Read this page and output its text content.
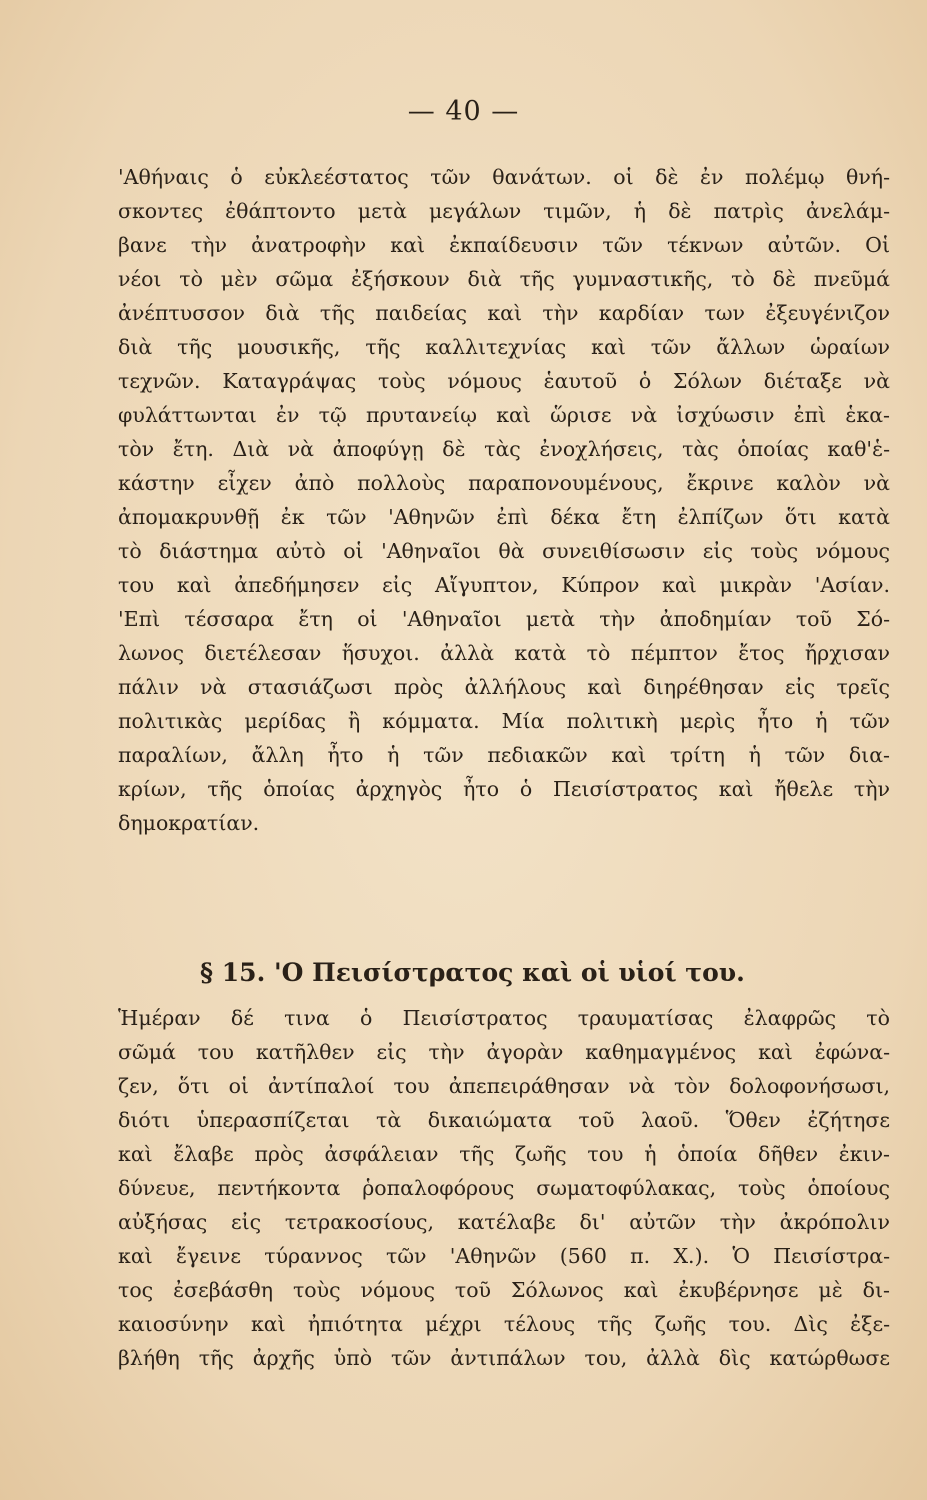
— 40 —
'Αθήναις ὁ εὐκλεέστατος τῶν θανάτων. οἱ δὲ ἐν πολέμῳ θνή-
σκοντες ἐθάπτοντο μετὰ μεγάλων τιμῶν, ἡ δὲ πατρὶς ἀνελάμ-
βανε τὴν ἀνατροφὴν καὶ ἐκπαίδευσιν τῶν τέκνων αὐτῶν. Οἱ
νέοι τὸ μὲν σῶμα ἐξήσκουν διὰ τῆς γυμναστικῆς, τὸ δὲ πνεῦμά
ἀνέπτυσσον διὰ τῆς παιδείας καὶ τὴν καρδίαν των ἐξευγένιζον
διὰ τῆς μουσικῆς, τῆς καλλιτεχνίας καὶ τῶν ἄλλων ὡραίων
τεχνῶν. Καταγράψας τοὺς νόμους ἑαυτοῦ ὁ Σόλων διέταξε νὰ
φυλάττωνται ἐν τῷ πρυτανείῳ καὶ ὥρισε νὰ ἰσχύωσιν ἐπὶ ἑκα-
τὸν ἔτη. Διὰ νὰ ἀποφύγῃ δὲ τὰς ἐνοχλήσεις, τὰς ὁποίας καθ'ἑ-
κάστην εἶχεν ἀπὸ πολλοὺς παραπονουμένους, ἔκρινε καλὸν νὰ
ἀπομακρυνθῇ ἐκ τῶν 'Αθηνῶν ἐπὶ δέκα ἔτη ἐλπίζων ὅτι κατὰ
τὸ διάστημα αὐτὸ οἱ 'Αθηναῖοι θὰ συνειθίσωσιν εἰς τοὺς νόμους
του καὶ ἀπεδήμησεν εἰς Αἴγυπτον, Κύπρον καὶ μικρὰν 'Ασίαν.
'Επὶ τέσσαρα ἔτη οἱ 'Αθηναῖοι μετὰ τὴν ἀποδημίαν τοῦ Σό-
λωνος διετέλεσαν ἥσυχοι. ἀλλὰ κατὰ τὸ πέμπτον ἔτος ἤρχισαν
πάλιν νὰ στασιάζωσι πρὸς ἀλλήλους καὶ διηρέθησαν εἰς τρεῖς
πολιτικὰς μερίδας ἢ κόμματα. Μία πολιτικὴ μερὶς ἦτο ἡ τῶν
παραλίων, ἄλλη ἦτο ἡ τῶν πεδιακῶν καὶ τρίτη ἡ τῶν δια-
κρίων, τῆς ὁποίας ἀρχηγὸς ἦτο ὁ Πεισίστρατος καὶ ἤθελε τὴν
δημοκρατίαν.
§ 15. 'Ο Πεισίστρατος καὶ οἱ υἱοί του.
Ἡμέραν δέ τινα ὁ Πεισίστρατος τραυματίσας ἐλαφρῶς τὸ
σῶμά του κατῆλθεν εἰς τὴν ἀγορὰν καθημαγμένος καὶ ἐφώνα-
ζεν, ὅτι οἱ ἀντίπαλοί του ἀπεπειράθησαν νὰ τὸν δολοφονήσωσι,
διότι ὑπερασπίζεται τὰ δικαιώματα τοῦ λαοῦ. Ὅθεν ἐζήτησε
καὶ ἔλαβε πρὸς ἀσφάλειαν τῆς ζωῆς του ἡ ὁποία δῆθεν ἐκιν-
δύνευε, πεντήκοντα ῥοπαλοφόρους σωματοφύλακας, τοὺς ὁποίους
αὐξήσας εἰς τετρακοσίους, κατέλαβε δι' αὐτῶν τὴν ἀκρόπολιν
καὶ ἔγεινε τύραννος τῶν 'Αθηνῶν (560 π. Χ.). Ὁ Πεισίστρα-
τος ἐσεβάσθη τοὺς νόμους τοῦ Σόλωνος καὶ ἐκυβέρνησε μὲ δι-
καιοσύνην καὶ ἠπιότητα μέχρι τέλους τῆς ζωῆς του. Δὶς ἐξε-
βλήθη τῆς ἀρχῆς ὑπὸ τῶν ἀντιπάλων του, ἀλλὰ δὶς κατώρθωσε
